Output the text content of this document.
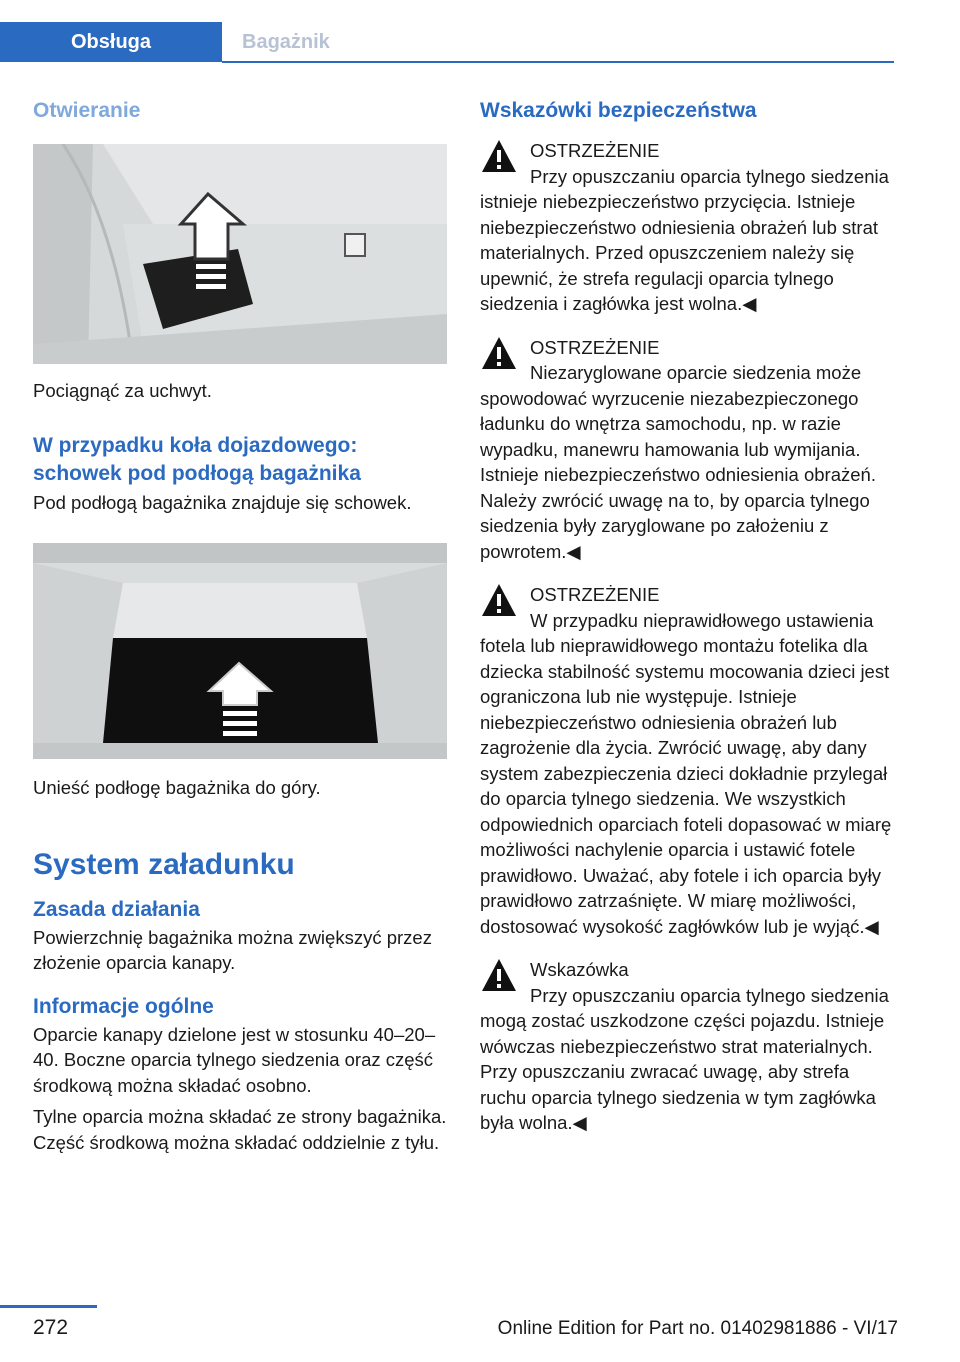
Obsługa	Bagażnik
Otwieranie

Pociągnąć za uchwyt.

W przypadku koła dojazdowego:
schowek pod podłogą bagażnika

Pod podłogą bagażnika znajduje się schowek.

Unieść podłogę bagażnika do góry.

System załadunku
Zasada działania

Powierzchnię bagażnika można zwiększyć przez złożenie oparcia kanapy.

Informacje ogólne

Oparcie kanapy dzielone jest w stosunku 40–20–40. Boczne oparcia tylnego siedzenia oraz część środkową można składać osobno.

Tylne oparcia można składać ze strony bagażnika. Część środkową można składać oddzielnie z tyłu.

Wskazówki bezpieczeństwa
OSTRZEŻENIE

Przy opuszczaniu oparcia tylnego siedzenia istnieje niebezpieczeństwo przycięcia. Istnieje niebezpieczeństwo odniesienia obrażeń lub strat materialnych. Przed opuszczeniem należy się upewnić, że strefa regulacji oparcia tylnego siedzenia i zagłówka jest wolna.◀

OSTRZEŻENIE

Niezaryglowane oparcie siedzenia może spowodować wyrzucenie niezabezpieczonego ładunku do wnętrza samochodu, np. w razie wypadku, manewru hamowania lub wymijania. Istnieje niebezpieczeństwo odniesienia obrażeń. Należy zwrócić uwagę na to, by oparcia tylnego siedzenia były zaryglowane po założeniu z powrotem.◀

OSTRZEŻENIE

W przypadku nieprawidłowego ustawienia fotela lub nieprawidłowego montażu fotelika dla dziecka stabilność systemu mocowania dzieci jest ograniczona lub nie występuje. Istnieje niebezpieczeństwo odniesienia obrażeń lub zagrożenie dla życia. Zwrócić uwagę, aby dany system zabezpieczenia dzieci dokładnie przylegał do oparcia tylnego siedzenia. We wszystkich odpowiednich oparciach foteli dopasować w miarę możliwości nachylenie oparcia i ustawić fotele prawidłowo. Uważać, aby fotele i ich oparcia były prawidłowo zatrzaśnięte. W miarę możliwości, dostosować wysokość zagłówków lub je wyjąć.◀

Wskazówka

Przy opuszczaniu oparcia tylnego siedzenia mogą zostać uszkodzone części pojazdu. Istnieje wówczas niebezpieczeństwo strat materialnych. Przy opuszczaniu zwracać uwagę, aby strefa ruchu oparcia tylnego siedzenia w tym zagłówka była wolna.◀

272	Online Edition for Part no. 01402981886 - VI/17
